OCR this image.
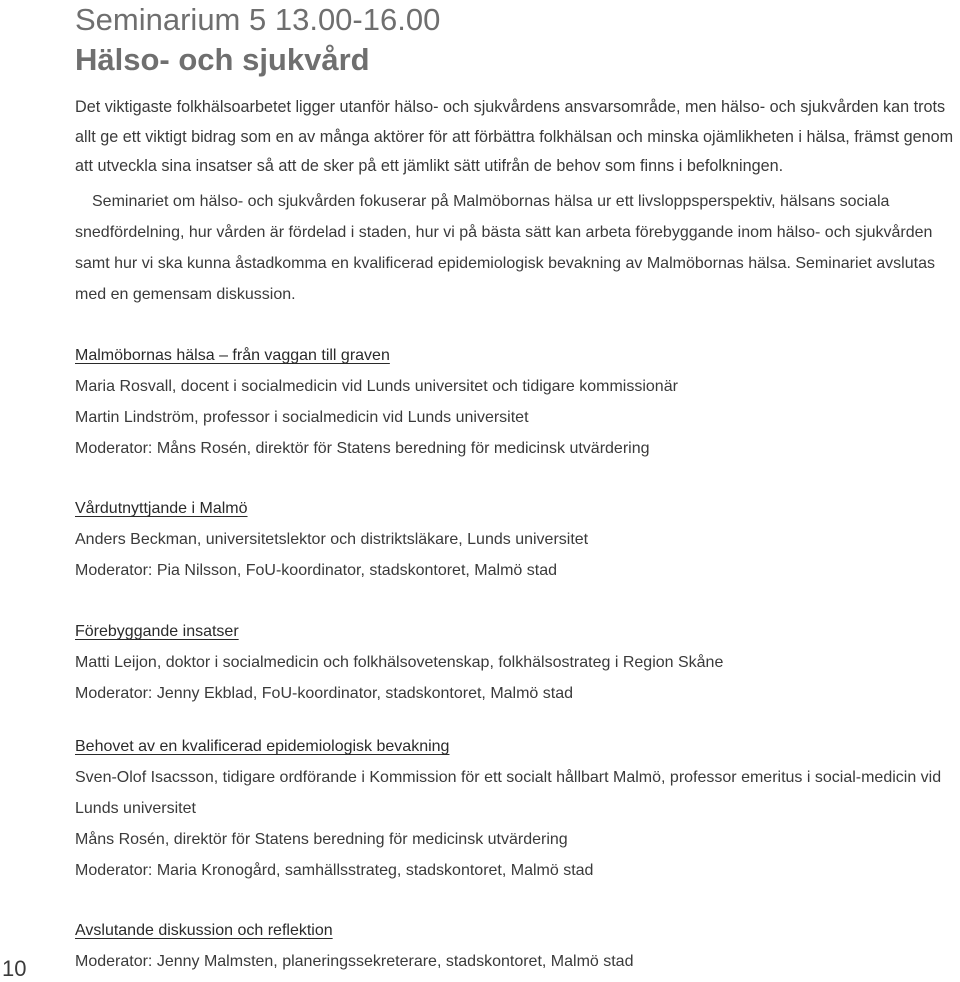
Seminarium 5 13.00-16.00
Hälso- och sjukvård

Det viktigaste folkhälsoarbetet ligger utanför hälso- och sjukvårdens ansvarsområde, men hälso- och sjukvården kan trots allt ge ett viktigt bidrag som en av många aktörer för att förbättra folkhälsan och minska ojämlikheten i hälsa, främst genom att utveckla sina insatser så att de sker på ett jämlikt sätt utifrån de behov som finns i befolkningen.

Seminariet om hälso- och sjukvården fokuserar på Malmöbornas hälsa ur ett livsloppsperspektiv, hälsans sociala snedfördelning, hur vården är fördelad i staden, hur vi på bästa sätt kan arbeta förebyggande inom hälso- och sjukvården samt hur vi ska kunna åstadkomma en kvalificerad epidemiologisk bevakning av Malmöbornas hälsa. Seminariet avslutas med en gemensam diskussion.

Malmöbornas hälsa – från vaggan till graven

Maria Rosvall, docent i socialmedicin vid Lunds universitet och tidigare kommissionär

Martin Lindström, professor i socialmedicin vid Lunds universitet

Moderator: Måns Rosén, direktör för Statens beredning för medicinsk utvärdering

Vårdutnyttjande i Malmö

Anders Beckman, universitetslektor och distriktsläkare, Lunds universitet

Moderator: Pia Nilsson, FoU-koordinator, stadskontoret, Malmö stad

Förebyggande insatser

Matti Leijon, doktor i socialmedicin och folkhälsovetenskap, folkhälsostrateg i Region Skåne

Moderator: Jenny Ekblad, FoU-koordinator, stadskontoret, Malmö stad

Behovet av en kvalificerad epidemiologisk bevakning

Sven-Olof Isacsson, tidigare ordförande i Kommission för ett socialt hållbart Malmö, professor emeritus i social-medicin vid Lunds universitet

Måns Rosén, direktör för Statens beredning för medicinsk utvärdering

Moderator: Maria Kronogård, samhällsstrateg, stadskontoret, Malmö stad

Avslutande diskussion och reflektion

Moderator: Jenny Malmsten, planeringssekreterare, stadskontoret, Malmö stad

10
